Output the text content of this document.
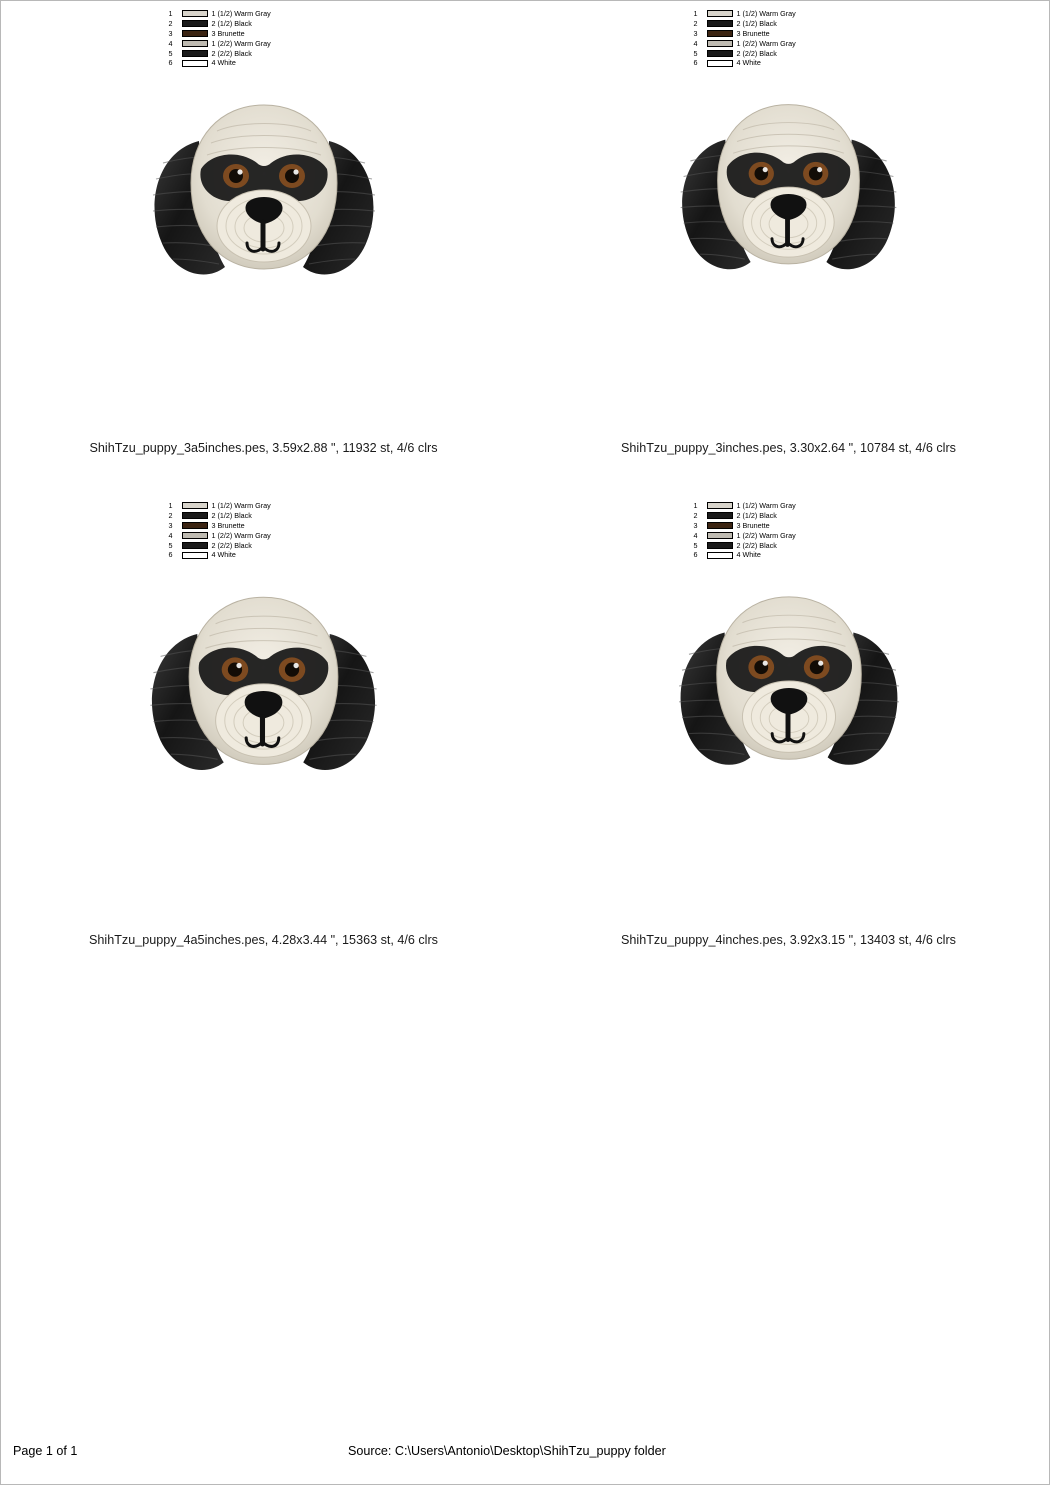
1	1 (1/2) Warm Gray
2	2 (1/2) Black
3	3 Brunette
4	1 (2/2) Warm Gray
5	2 (2/2) Black
6	4 White
ShihTzu_puppy_3a5inches.pes, 3.59x2.88 ", 11932 st, 4/6 clrs
1	1 (1/2) Warm Gray
2	2 (1/2) Black
3	3 Brunette
4	1 (2/2) Warm Gray
5	2 (2/2) Black
6	4 White
ShihTzu_puppy_3inches.pes, 3.30x2.64 ", 10784 st, 4/6 clrs
1	1 (1/2) Warm Gray
2	2 (1/2) Black
3	3 Brunette
4	1 (2/2) Warm Gray
5	2 (2/2) Black
6	4 White
ShihTzu_puppy_4a5inches.pes, 4.28x3.44 ", 15363 st, 4/6 clrs
1	1 (1/2) Warm Gray
2	2 (1/2) Black
3	3 Brunette
4	1 (2/2) Warm Gray
5	2 (2/2) Black
6	4 White
ShihTzu_puppy_4inches.pes, 3.92x3.15 ", 13403 st, 4/6 clrs
Page 1 of 1	Source: C:\Users\Antonio\Desktop\ShihTzu_puppy folder
